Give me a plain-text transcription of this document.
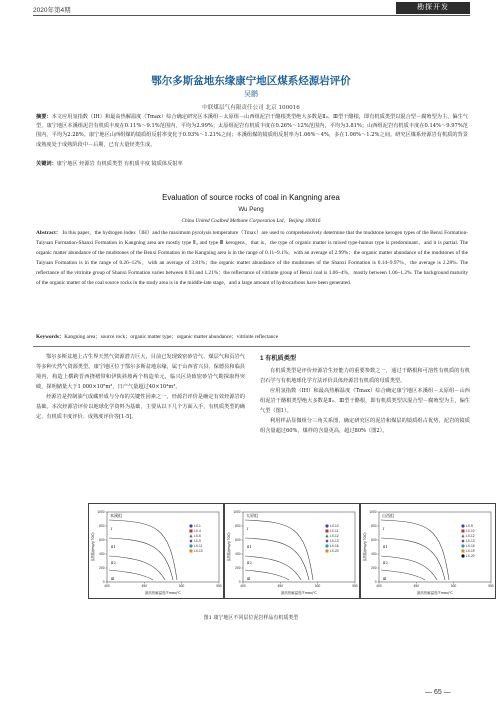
2020年第4期	勘探开发
鄂尔多斯盆地东缘康宁地区煤系烃源岩评价
吴鹏
中联煤层气有限责任公司 北京 100016
摘要：本文应用氢指数（IH）和最高热解温度（Tmax）综合确定研究区本溪组－太原组－山西组泥岩干酪根类型绝大多数是Ⅱ₂、Ⅲ型干酪根，即有机质类型以混合型－腐殖型为主，偏生气型。康宁地区本溪组泥岩有机质丰度在0.11%～9.1%范围内，平均为2.99%；太原组泥岩有机质丰度在0.26%～12%范围内，平均为3.81%；山西组泥岩有机质丰度在0.14%～9.97%范围内，平均为2.28%。康宁地区山西组煤的镜质组反射率变化于0.93%～1.21%之间；本溪组煤的镜质组反射率为1.06%～4%，多在1.06%～1.2%之间。研究区煤系烃源岩有机质的背景成熟度处于成熟阶段中－后期，已有大量烃类生成。
关键词：康宁地区 烃源岩 有机质类型 有机质丰度 镜质体反射率
Evaluation of source rocks of coal in Kangning area
Wu Peng
China United Coalbed Methane Corporation Ltd，Beijing 100016
Abstract： In this paper，the hydrogen index（IH）and the maximum pyrolysis temperature（Tmax）are used to comprehensively determine that the mudstone kerogen types of the Benxi Formation-Taiyuan Formation-Shanxi Formation in Kangning area are mostly type Ⅱ₂ and type Ⅲ kerogens，that is，the type of organic matter is mixed type-humus type is predominant，and it is partial. The organic matter abundance of the mudstones of the Benxi Formation in the Kangning area is in the range of 0.11~9.1%，with an average of 2.99%；the organic matter abundance of the mudstones of the Taiyuan Formation is in the range of 0.26~12%，with an average of 3.81%；the organic matter abundance of the mudstones of the Shanxi Formation is 0.14~9.97%，the average is 2.28%. The reflectance of the vitrinite group of Shanxi Formation varies between 0.93 and 1.21%；the reflectance of vitrinite group of Benxi coal is 1.06~4%，mostly between 1.06~1.2%. The background maturity of the organic matter of the coal source rocks in the study area is in the middle-late stage，and a large amount of hydrocarbons have been generated.
Keywords：Kangning area；source rock；organic matter type；organic matter abundance；vitrinite reflectance

鄂尔多斯盆地上古生界天然气资源潜力巨大，目前已发现致密砂岩气、煤层气和页岩气等多种天然气资源类型。康宁地区位于鄂尔多斯盆地东缘，属于山西省兴县、保德县和临县境内，构造上横跨晋西挠褶带和伊陕斜坡两个构造单元，临兴区块致密砂岩气勘探取得突破，探明储量大于1 000×10⁸m³，日产气量超过40×10⁴m³。

烃源岩是控制油气成藏形成与分布的关键性因素之一，烃源岩评价是确定有效烃源岩的基础。本次烃源岩评价以地球化学资料为基础，主要从以下几个方面入手，有机质类型的确定、有机质丰度评价、成熟度评价等[1-5]。

1 有机质类型

有机质类型是评价烃源岩生烃能力的重要参数之一，通过干酪根和可溶性有机质的有机岩石学与有机地球化学方法评价具体烃源岩有机质的母质类型。

应用氢指数（IH）和最高热解温度（Tmax）综合确定康宁地区本溪组－太原组－山西组泥岩干酪根类型绝大多数是Ⅱ₂、Ⅲ型干酪根，即有机质类型以混合型－腐殖型为主，偏生气型（图1）。

利用样品显微组分三角关系图，确定研究区的泥岩和煤层的镜质组占优势，泥岩的镜质组含量超过60%，煤样的含量更高，超过80%（图2）。

1000
800
600
400
200
0
400	450	500	550
氢指数/(mg/g TOC)
最高热解温度/Tmax/℃
本溪组
Ⅰ
Ⅱ1
Ⅱ2
Ⅲ
LX-1
LX-4
LX-6
LX-9
LX-11
LX-13
1000
800
600
400
200
0
400	450	500	550
氢指数/(mg/g TOC)
最高热解温度/Tmax/℃
太原组
Ⅰ
Ⅱ1
Ⅱ2
Ⅲ
LX-10
LX-11
LX-12
LX-13
LX-16
LX-20
1000
800
600
400
200
0
400	450	500	550
氢指数/(mg/g TOC)
最高热解温度/Tmax/℃
山西组
Ⅰ
Ⅱ1
Ⅱ2
Ⅲ
LX-9
LX-10
LX-12
LX-13
LX-16
LX-19
LX-20
图1 康宁地区不同层位泥岩样品有机质类型
— 65 —
